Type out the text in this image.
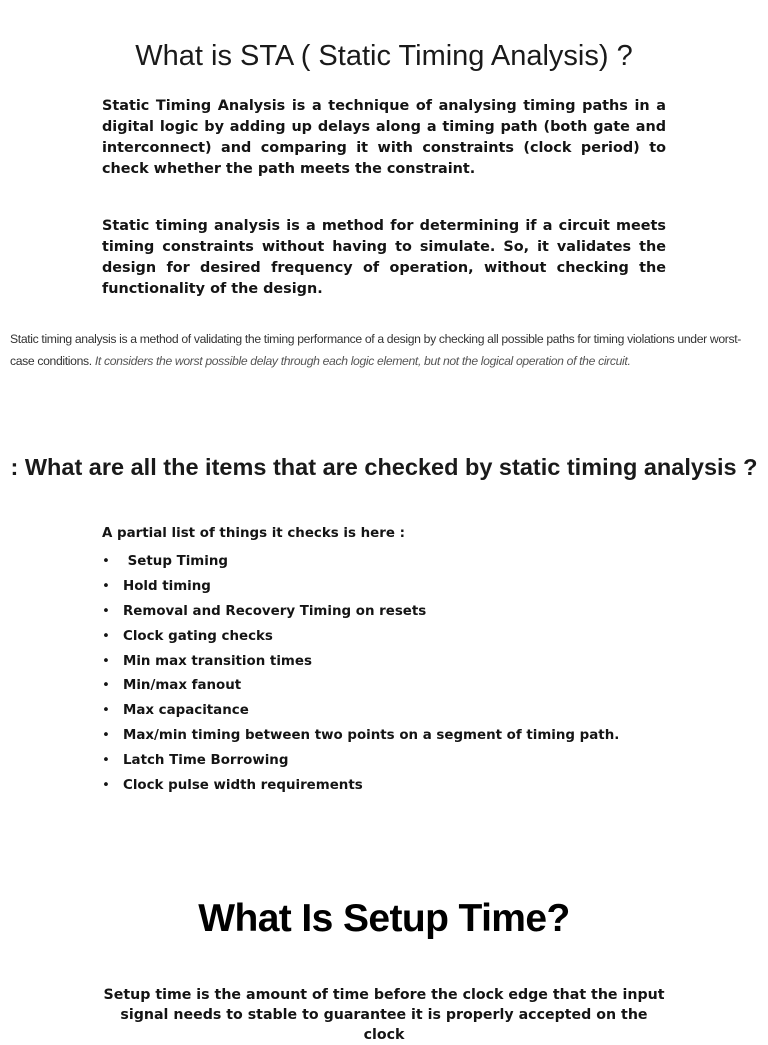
What is STA ( Static Timing Analysis) ?

Static Timing Analysis is a technique of analysing timing paths in a digital logic by adding up delays along a timing path (both gate and interconnect) and comparing it with constraints (clock period) to check whether the path meets the constraint.

Static timing analysis is a method for determining if a circuit meets timing constraints without having to simulate. So, it validates the design for desired frequency of operation, without checking the functionality of the design.

Static timing analysis is a method of validating the timing performance of a design by checking all possible paths for timing violations under worst-case conditions. It considers the worst possible delay through each logic element, but not the logical operation of the circuit.

: What are all the items that are checked by static timing analysis ?

A partial list of things it checks is here :

• Setup Timing
• Hold timing
• Removal and Recovery Timing on resets
• Clock gating checks
• Min max transition times
• Min/max fanout
• Max capacitance
• Max/min timing between two points on a segment of timing path.
• Latch Time Borrowing
• Clock pulse width requirements
What Is Setup Time?

Setup time is the amount of time before the clock edge that the input signal needs to stable to guarantee it is properly accepted on the clock
